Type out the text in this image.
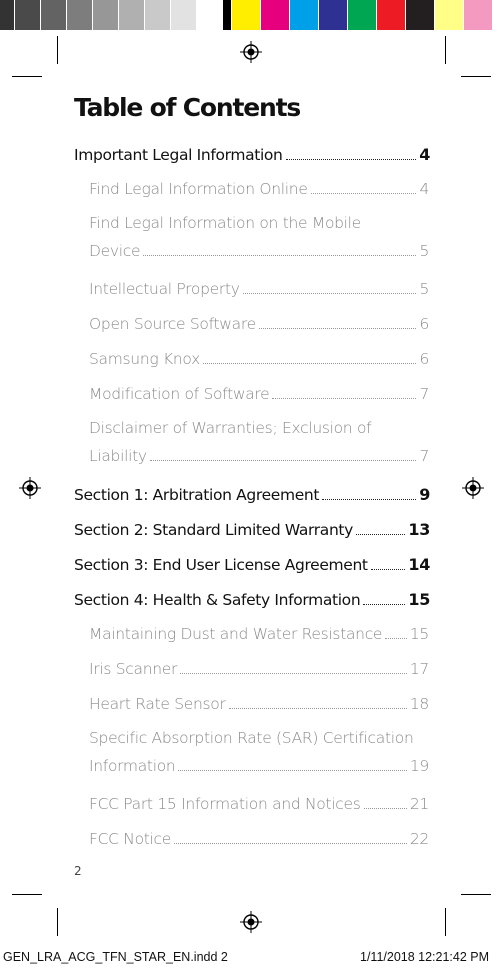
Table of Contents
Important Legal Information	4
Find Legal Information Online	4
Find Legal Information on the Mobile
Device	5
Intellectual Property	5
Open Source Software	6
Samsung Knox	6
Modification of Software	7
Disclaimer of Warranties; Exclusion of
Liability	7
Section 1: Arbitration Agreement	9
Section 2: Standard Limited Warranty	13
Section 3: End User License Agreement	14
Section 4: Health & Safety Information	15
Maintaining Dust and Water Resistance 15
Iris Scanner	17
Heart Rate Sensor	18
Specific Absorption Rate (SAR) Certification
Information	19
FCC Part 15 Information and Notices	21
FCC Notice	22
2
GEN_LRA_ACG_TFN_STAR_EN.indd 2	1/11/2018 12:21:42 PM
